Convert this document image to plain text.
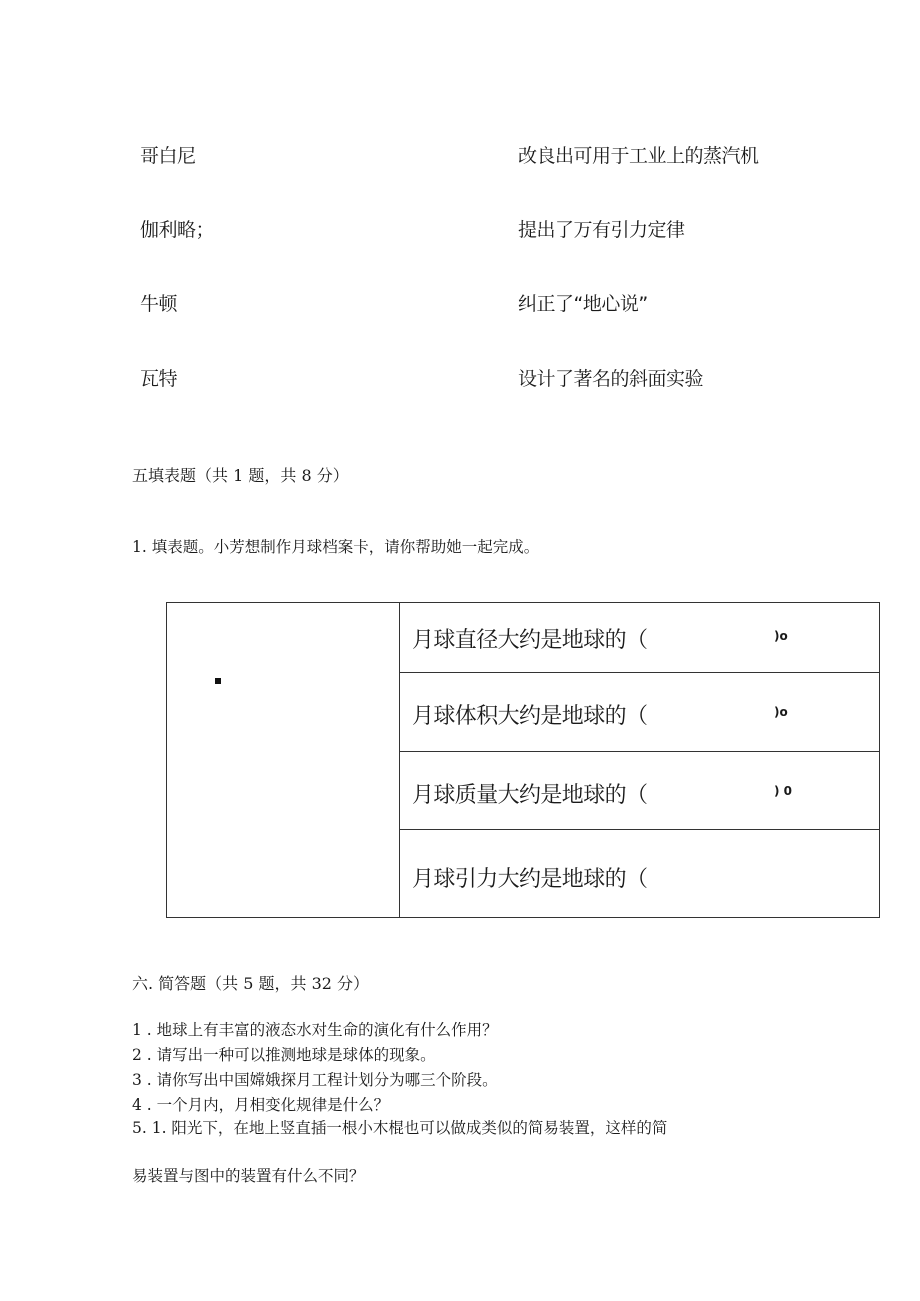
哥白尼	改良出可用于工业上的蒸汽机
伽利略；	提出了万有引力定律
牛顿	纠正了“地心说”
瓦特	设计了著名的斜面实验
五填表题（共 1 题，共 8 分）
1. 填表题。小芳想制作月球档案卡，请你帮助她一起完成。
月球直径大约是地球的（	)o
月球体积大约是地球的（	)o
月球质量大约是地球的（	) 0
月球引力大约是地球的（
六. 简答题（共 5 题，共 32 分）
1 . 地球上有丰富的液态水对生命的演化有什么作用？
2 . 请写出一种可以推测地球是球体的现象。
3 . 请你写出中国嫦娥探月工程计划分为哪三个阶段。
4 . 一个月内，月相变化规律是什么？
5. 1. 阳光下，在地上竖直插一根小木棍也可以做成类似的简易装置，这样的简
易装置与图中的装置有什么不同？
